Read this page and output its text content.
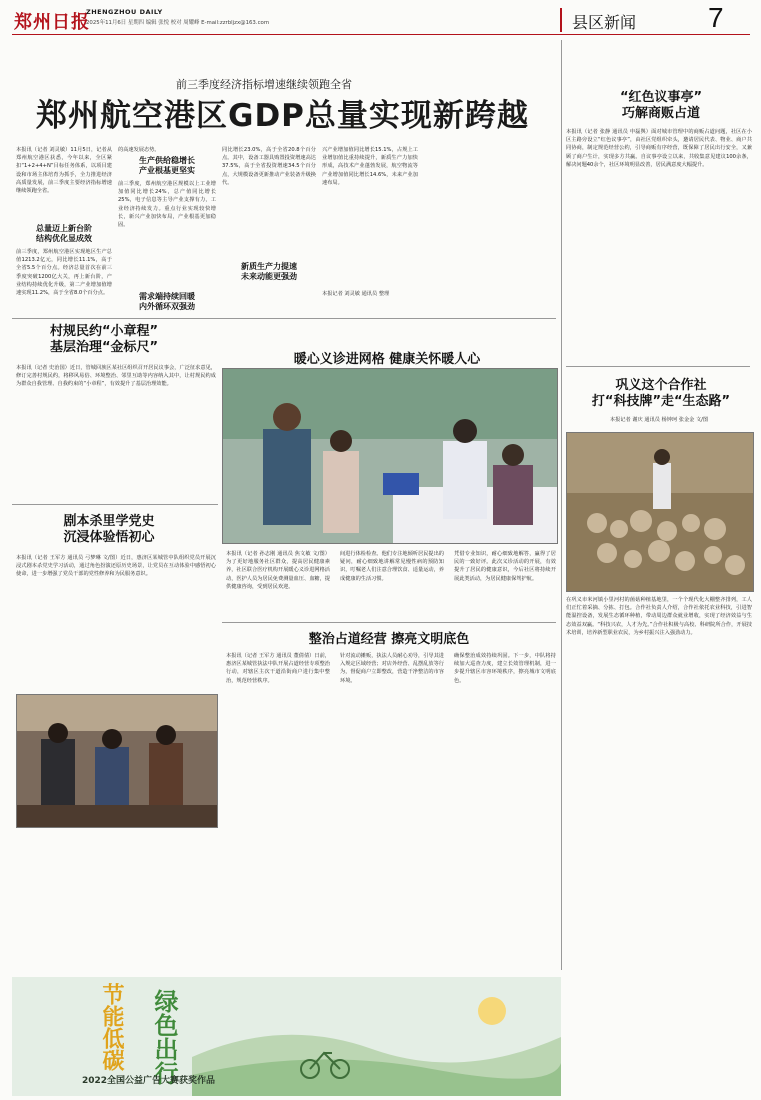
郑州日报
ZHENGZHOU DAILY
2025年11月6日 星期四 编辑 张悦 校对 周耀峰 E-mail:zzrbljzx@163.com	县区新闻	7
前三季度经济指标增速继续领跑全省
郑州航空港区GDP总量实现新跨越
本报讯（记者 刘灵敏）11月5日，记者从郑州航空港区获悉，今年以来，全区紧扣“1+2+4+N”目标任务体系，以项目建设和市场主体培育为抓手，全力推进经济高质量发展，前三季度主要经济指标增速继续领跑全省。
总量迈上新台阶
结构优化显成效
前三季度，郑州航空港区实现地区生产总值1213.2亿元，同比增长11.1%，高于全省5.5个百分点。经济总量首次在前三季度突破1200亿大关，再上新台阶，产业结构持续优化升级，第二产业增加值增速实现11.2%，高于全省8.0个百分点。
的高速发展态势。
生产供给稳增长
产业根基更坚实
前三季度，郑州航空港区规模以上工业增加值同比增长24%，总产值同比增长25%，电子信息等主导产业支撑有力，工业经济持续发力。重点行业实现较快增长，新兴产业加快布局，产业根基更加稳固。
需求端持续回暖
内外循环双强劲
同比增长23.0%，高于全省20.8个百分点。其中，设备工器具购置投资增速高达37.5%，高于全省投资增速34.5个百分点，大规模设备更新推动产业装备升级换代。
新质生产力提速
未来动能更强劲
兴产业增加值同比增长15.1%，占规上工业增加值比重持续提升，新质生产力加快形成，高技术产业蓬勃发展，航空物流等产业增加值同比增长14.6%，未来产业加速布局。
本报记者 刘灵敏 通讯员 整理
“红色议事亭”
巧解商贩占道
本报讯（记者 张静 通讯员 申磊舆）面对城市管理中的商贩占道问题，社区在小区主路旁设立“红色议事亭”，由社区党组织牵头，邀请居民代表、物业、商户共同协商，制定规范经营公约，引导商贩有序经营，既保障了居民出行安全，又兼顾了商户生计，实现多方共赢。自议事亭设立以来，共收集意见建议100余条，解决问题40余个，社区环境明显改善，居民满意度大幅提升。
巩义这个合作社
打“科技牌”走“生态路”
本报记者 谢庆 通讯员 杨钟珂 张金金 文/图
在巩义市米河镇小里河村的菌菇种植基地里，一个个现代化大棚整齐排列，工人们正忙着采摘、分拣、打包。合作社负责人介绍，合作社依托农业科技，引进智能温控设备，发展生态循环种植，带动周边群众就业增收，实现了经济效益与生态效益双赢。“科技兴农，人才为先。”合作社积极与高校、科研院所合作，开展技术培训，培养新型职业农民，为乡村振兴注入强劲动力。
村规民约“小章程”
基层治理“金标尺”
本报讯（记者 史治国）近日，管城回族区某社区组织召开居民议事会，广泛征求意见，修订完善村规民约，将移风易俗、环境整治、邻里互助等内容纳入其中，让村规民约成为群众自我管理、自我约束的“小章程”，有效提升了基层治理效能。
剧本杀里学党史
沉浸体验悟初心
本报讯（记者 王军方 通讯员 弓梦琳 文/图）近日，惠济区某城管中队组织党员开展沉浸式剧本杀党史学习活动，通过角色扮演还原历史场景，让党员在互动体验中感悟初心使命，进一步增强了党员干部的党性修养和为民服务意识。
暖心义诊进网格 健康关怀暖人心
本报讯（记者 孙志刚 通讯员 焦文敏 文/图）为了更好地服务社区群众，提高居民健康素养，社区联合医疗机构开展暖心义诊进网格活动，医护人员为居民免费测量血压、血糖，提供健康咨询，受到居民欢迎。
间进行体检检查。他们专注地倾听居民提出的疑问，耐心细致地讲解常见慢性病的预防知识，叮嘱老人们注意合理饮食、适量运动，养成健康的生活习惯。
凭借专业知识，耐心细致地解答，赢得了居民的一致好评。此次义诊活动的开展，有效提升了居民的健康意识，今后社区将持续开展此类活动，为居民健康保驾护航。
整治占道经营 擦亮文明底色
本报讯（记者 王军方 通讯员 董倩倩）日前，惠济区某城管执法中队开展占道经营专项整治行动，对辖区主次干道沿街商户进行集中整治，规范经营秩序。
针对流动摊贩，执法人员耐心劝导，引导其进入规定区域经营；对店外经营、乱摆乱放等行为，督促商户立即整改，营造干净整洁的市容环境。
确保整治成效持续巩固。下一步，中队将持续加大巡查力度，建立长效管理机制，进一步提升辖区市容环境秩序，擦亮城市文明底色。
节能低碳	绿色出行
2022全国公益广告大赛获奖作品
